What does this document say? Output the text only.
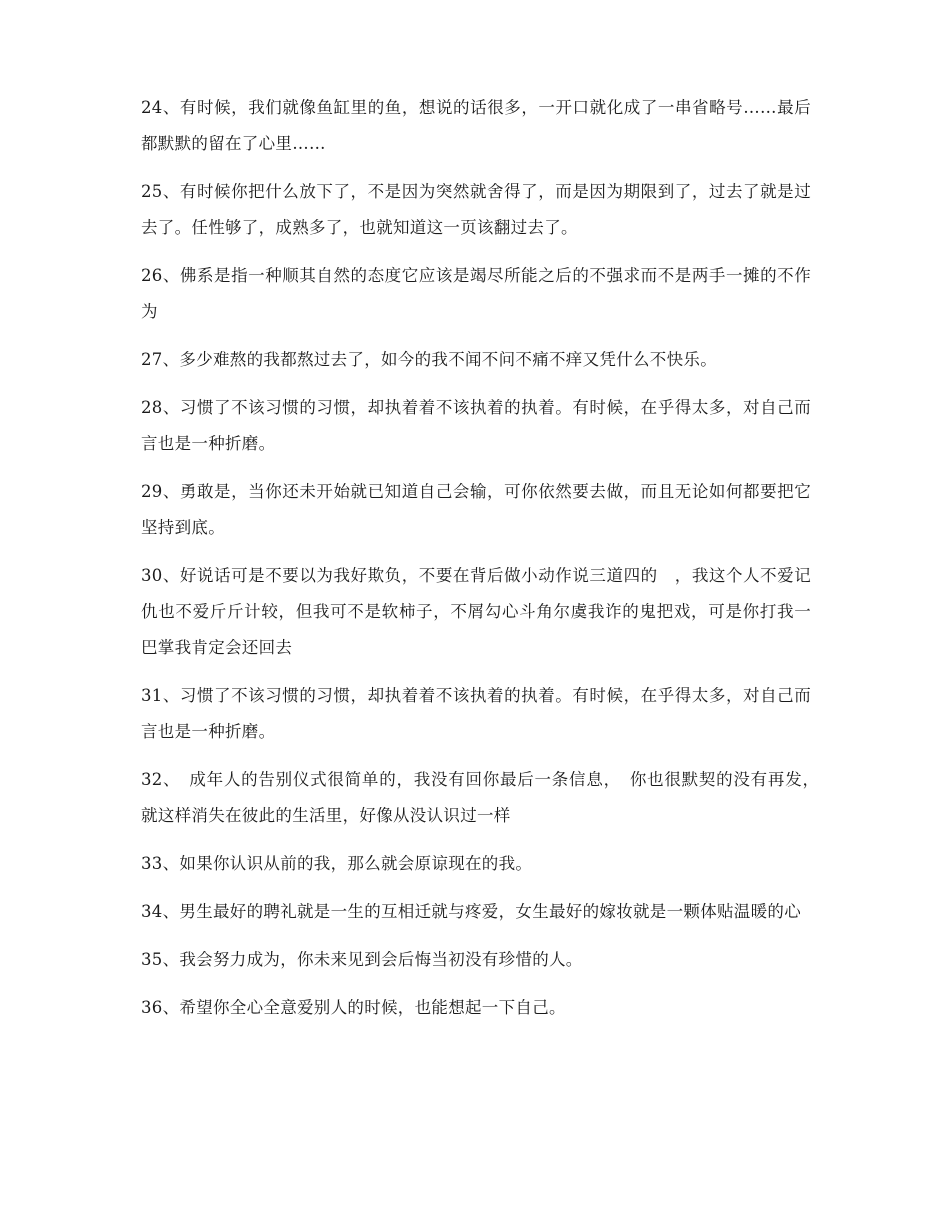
24、有时候，我们就像鱼缸里的鱼，想说的话很多，一开口就化成了一串省略号……最后都默默的留在了心里……

25、有时候你把什么放下了，不是因为突然就舍得了，而是因为期限到了，过去了就是过去了。任性够了，成熟多了，也就知道这一页该翻过去了。

26、佛系是指一种顺其自然的态度它应该是竭尽所能之后的不强求而不是两手一摊的不作为

27、多少难熬的我都熬过去了，如今的我不闻不问不痛不痒又凭什么不快乐。

28、习惯了不该习惯的习惯，却执着着不该执着的执着。有时候，在乎得太多，对自己而言也是一种折磨。

29、勇敢是，当你还未开始就已知道自己会输，可你依然要去做，而且无论如何都要把它坚持到底。

30、好说话可是不要以为我好欺负，不要在背后做小动作说三道四的　，我这个人不爱记仇也不爱斤斤计较，但我可不是软柿子，不屑勾心斗角尔虞我诈的鬼把戏，可是你打我一巴掌我肯定会还回去

31、习惯了不该习惯的习惯，却执着着不该执着的执着。有时候，在乎得太多，对自己而言也是一种折磨。

32、　成年人的告别仪式很简单的，我没有回你最后一条信息，　你也很默契的没有再发，　就这样消失在彼此的生活里，好像从没认识过一样

33、如果你认识从前的我，那么就会原谅现在的我。

34、男生最好的聘礼就是一生的互相迁就与疼爱，女生最好的嫁妆就是一颗体贴温暖的心

35、我会努力成为，你未来见到会后悔当初没有珍惜的人。

36、希望你全心全意爱别人的时候，也能想起一下自己。
